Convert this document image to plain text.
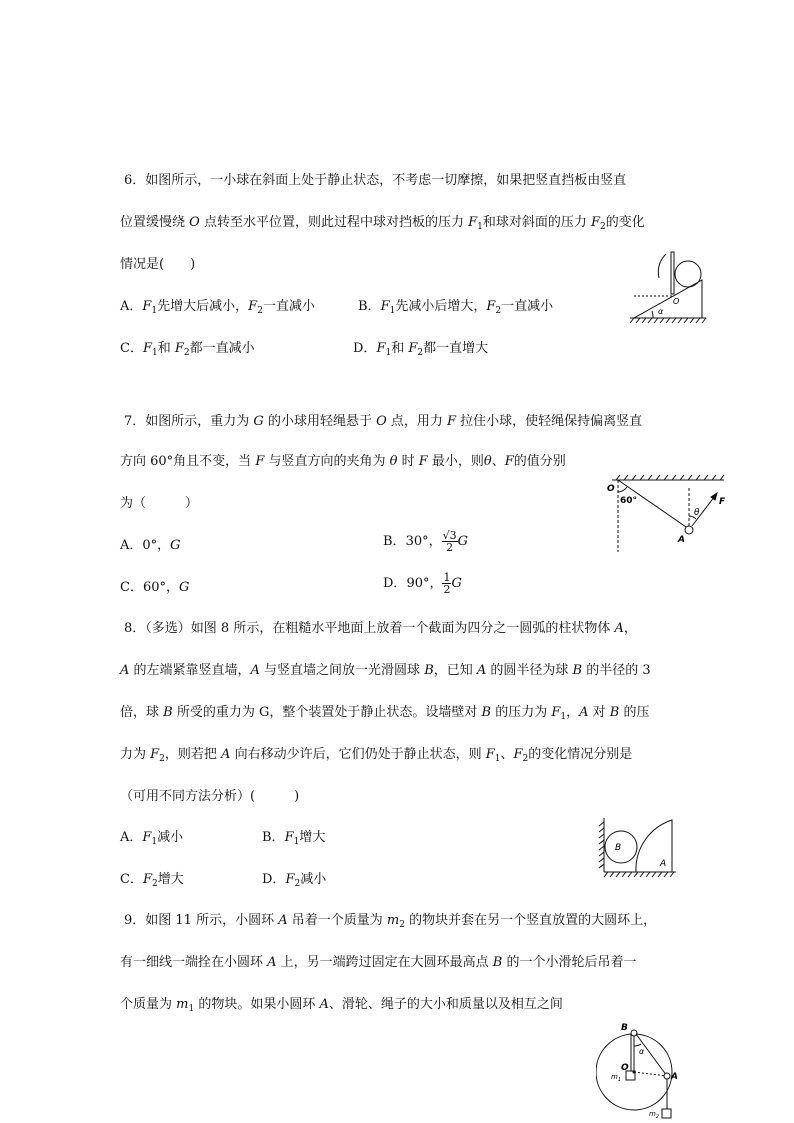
6．如图所示，一小球在斜面上处于静止状态，不考虑一切摩擦，如果把竖直挡板由竖直
位置缓慢绕 O 点转至水平位置，则此过程中球对挡板的压力 $F_1$和球对斜面的压力 $F_2$的变化
情况是(　　)
A．$F_1$先增大后减小，$F_2$一直减小	B．$F_1$先减小后增大，$F_2$一直减小
C．$F_1$和 $F_2$都一直减小	D．$F_1$和 $F_2$都一直增大
O
α
7．如图所示，重力为 G 的小球用轻绳悬于 O 点，用力 F 拉住小球，使轻绳保持偏离竖直
方向 60°角且不变，当 F 与竖直方向的夹角为 θ 时 F 最小，则θ、F的值分别
为（　　　）
A．0°，G	B．30°， $\frac{√3}{2}$ G
C．60°，G	D．90°， $\frac{1}{2}$ G
O
60°
θ
F
A
8．（多选）如图 8 所示，在粗糙水平地面上放着一个截面为四分之一圆弧的柱状物体 A，
A 的左端紧靠竖直墙，A 与竖直墙之间放一光滑圆球 B，已知 A 的圆半径为球 B 的半径的 3
倍，球 B 所受的重力为 G，整个装置处于静止状态。设墙壁对 B 的压力为 $F_1$，A 对 B 的压
力为 $F_2$，则若把 A 向右移动少许后，它们仍处于静止状态，则 $F_1$、$F_2$的变化情况分别是
（可用不同方法分析）(　　　)
A．$F_1$减小	B．$F_1$增大
C．$F_2$增大	D．$F_2$减小
B
A
9．如图 11 所示，小圆环 A 吊着一个质量为 $m_2$ 的物块并套在另一个竖直放置的大圆环上，
有一细线一端拴在小圆环 A 上，另一端跨过固定在大圆环最高点 B 的一个小滑轮后吊着一
个质量为 $m_1$ 的物块。如果小圆环 A、滑轮、绳子的大小和质量以及相互之间
B
O
α
A
$m_1$
$m_2$
